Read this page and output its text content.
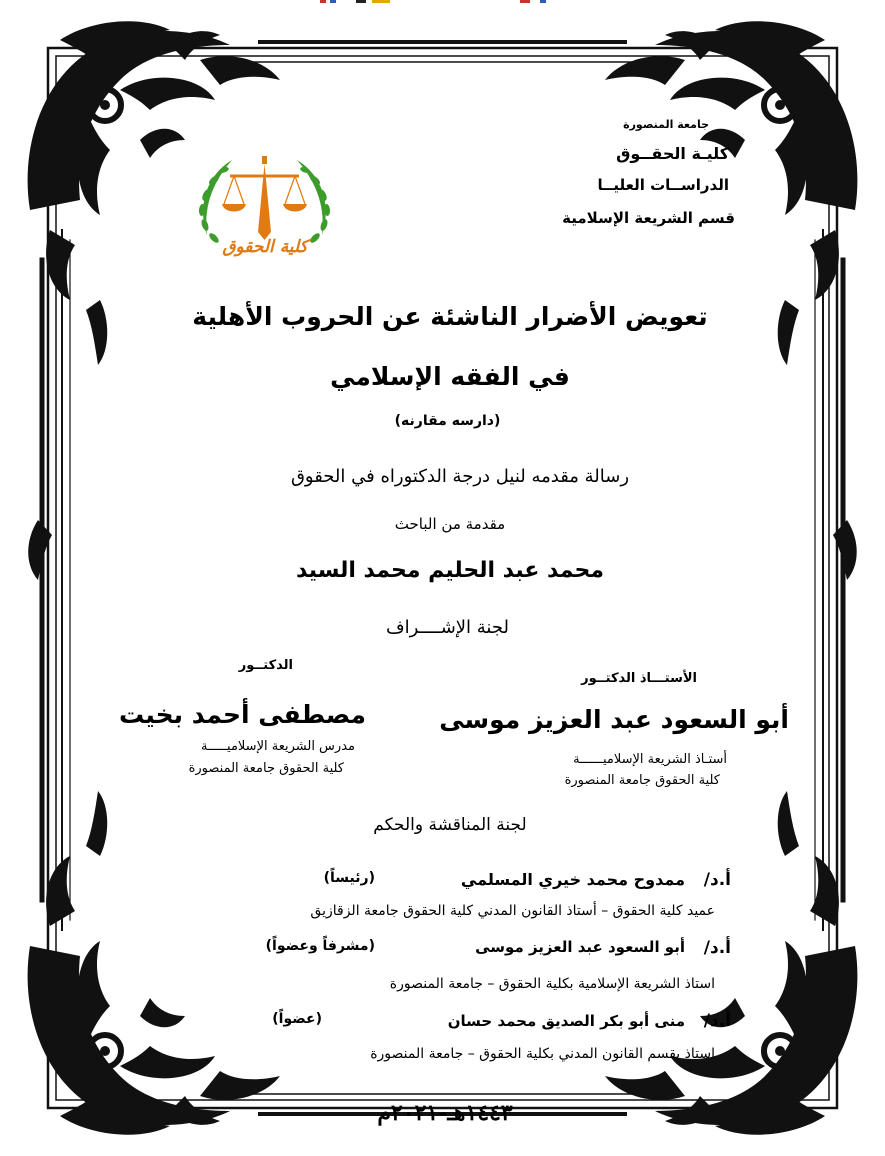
كلية الحقوق
جامعة المنصورة
كليـة الحقــوق
الدراســات العليــا
قسم الشريعة الإسلامية
تعويض الأضرار الناشئة عن الحروب الأهلية
في الفقه الإسلامي
(دارسه مقارنه)
رسالة مقدمه لنيل درجة الدكتوراه في الحقوق
مقدمة من الباحث
محمد عبد الحليم محمد السيد
لجنة الإشــــراف
الأستـــاذ الدكتــور
أبو السعود عبد العزيز موسى
أستـاذ الشريعة الإسلاميــــــة
كلية الحقوق جامعة المنصورة
الدكتــور
مصطفى أحمد بخيت
مدرس الشريعة الإسلاميـــــة
كلية الحقوق جامعة المنصورة
لجنة المناقشة والحكم
أ.د/
ممدوح محمد خيري المسلمي
(رئيساً)
عميد كلية الحقوق – أستاذ القانون المدني كلية الحقوق جامعة الزقازيق
أ.د/
أبو السعود عبد العزيز موسى
(مشرفاً وعضواً)
استاذ الشريعة الإسلامية بكلية الحقوق – جامعة المنصورة
أ.د/
منى أبو بكر الصديق محمد حسان
(عضواً)
استاذ بقسم القانون المدني بكلية الحقوق – جامعة المنصورة
١٤٤٣هـ-٢٠٢١م
